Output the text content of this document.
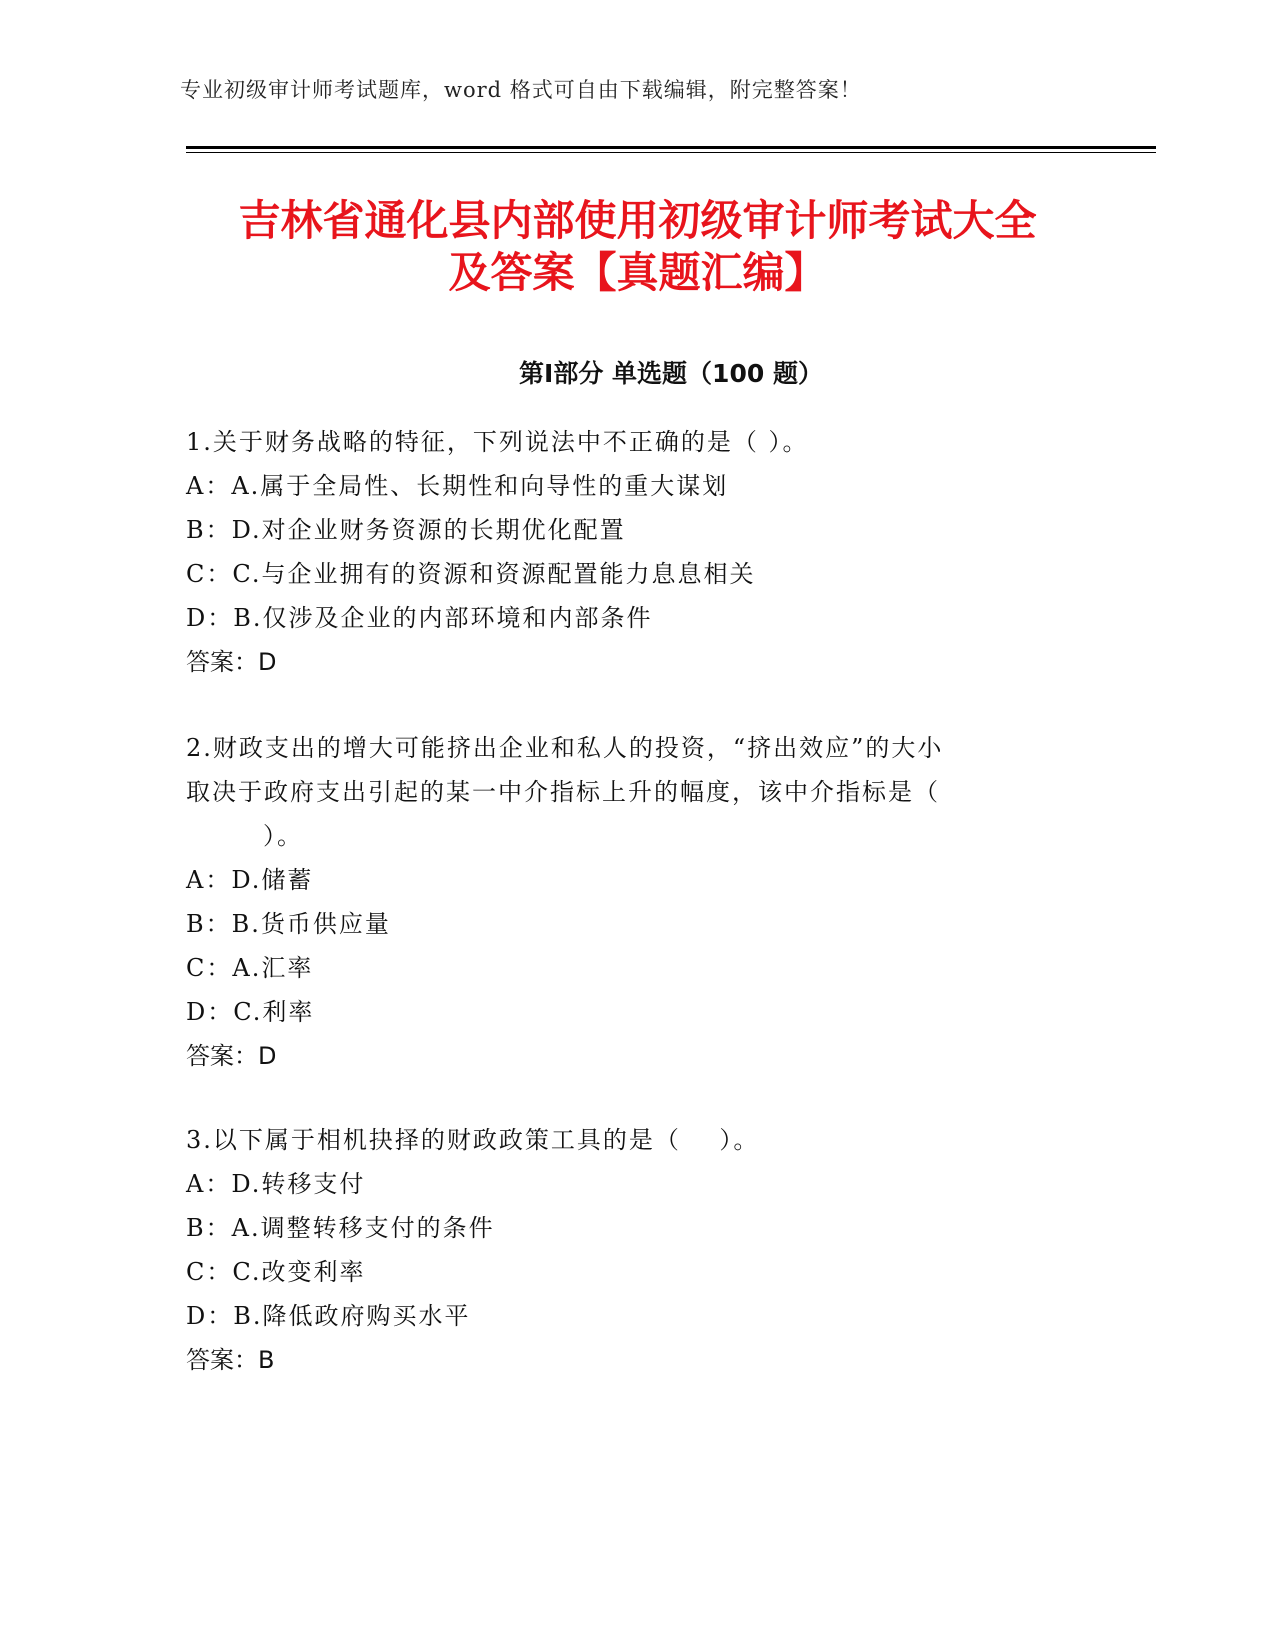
专业初级审计师考试题库，word 格式可自由下载编辑，附完整答案！
吉林省通化县内部使用初级审计师考试大全
及答案【真题汇编】
第Ⅰ部分 单选题（100 题）

1.关于财务战略的特征，下列说法中不正确的是（ ）。

A：A.属于全局性、长期性和向导性的重大谋划

B：D.对企业财务资源的长期优化配置

C：C.与企业拥有的资源和资源配置能力息息相关

D：B.仅涉及企业的内部环境和内部条件

答案：D

2.财政支出的增大可能挤出企业和私人的投资，“挤出效应”的大小

取决于政府支出引起的某一中介指标上升的幅度，该中介指标是（

）。

A：D.储蓄

B：B.货币供应量

C：A.汇率

D：C.利率

答案：D

3.以下属于相机抉择的财政政策工具的是（    ）。

A：D.转移支付

B：A.调整转移支付的条件

C：C.改变利率

D：B.降低政府购买水平

答案：B
